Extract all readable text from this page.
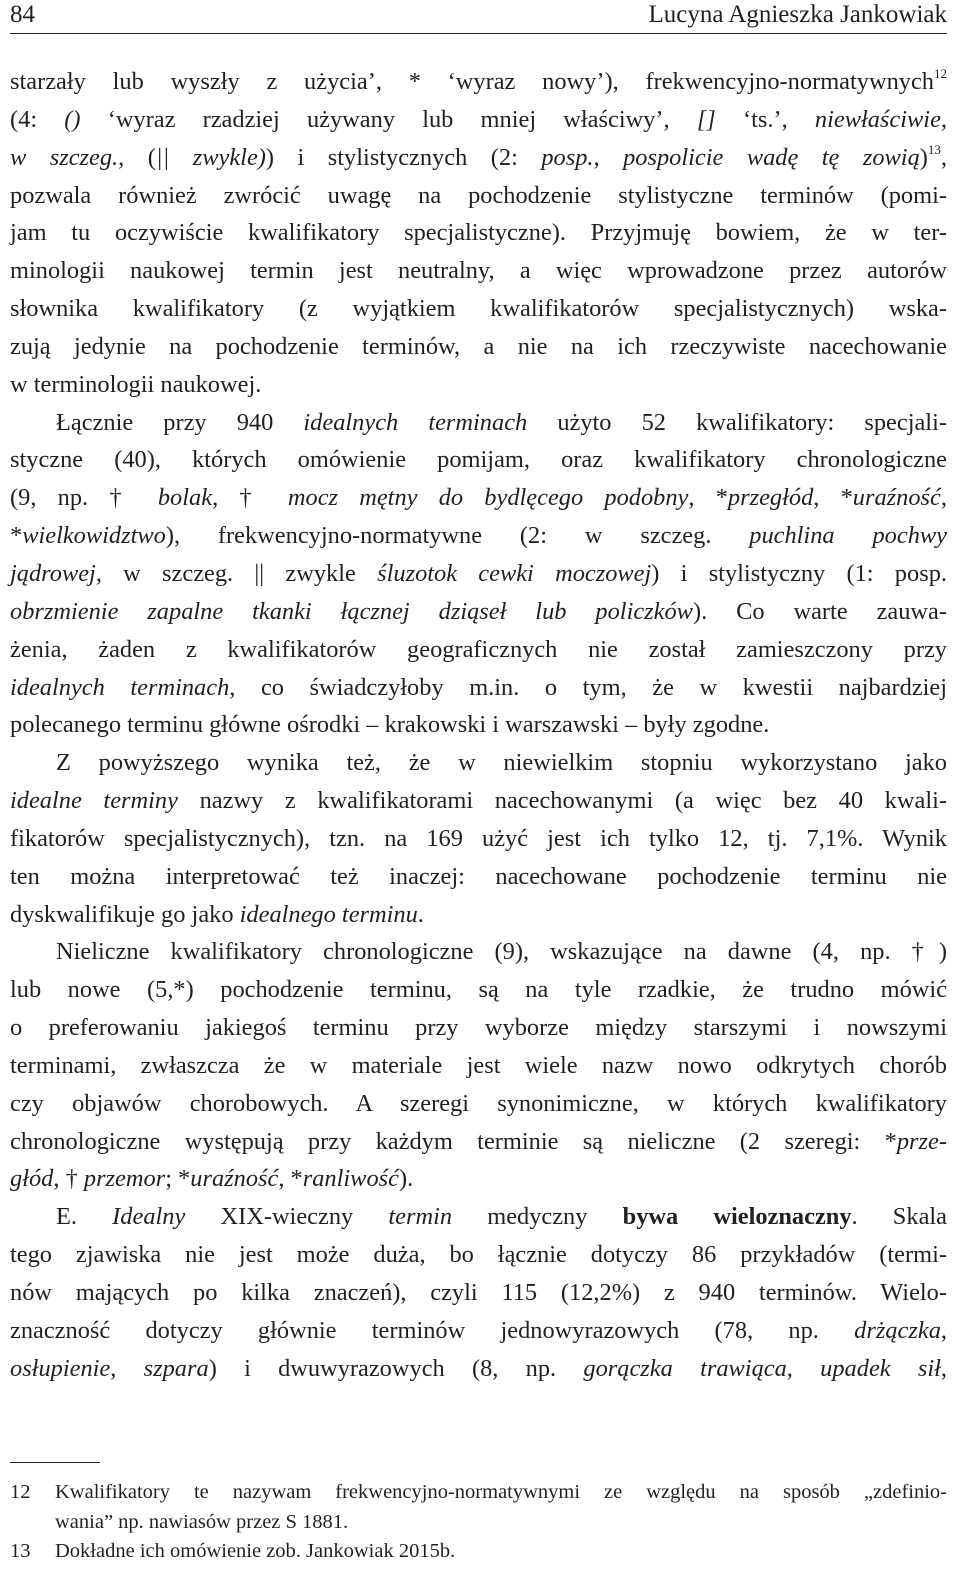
84	Lucyna Agnieszka Jankowiak
starzały lub wyszły z użycia’, * ‘wyraz nowy’), frekwencyjno-normatywnych$^{12}$
(4: () ‘wyraz rzadziej używany lub mniej właściwy’, [] ‘ts.’, niewłaściwie,
w szczeg., (|| zwykle)) i stylistycznych (2: posp., pospolicie wadę tę zowią)$^{13}$,
pozwala również zwrócić uwagę na pochodzenie stylistyczne terminów (pomi-
jam tu oczywiście kwalifikatory specjalistyczne). Przyjmuję bowiem, że w ter-
minologii naukowej termin jest neutralny, a więc wprowadzone przez autorów
słownika kwalifikatory (z wyjątkiem kwalifikatorów specjalistycznych) wska-
zują jedynie na pochodzenie terminów, a nie na ich rzeczywiste nacechowanie
w terminologii naukowej.
Łącznie przy 940 idealnych terminach użyto 52 kwalifikatory: specjali-
styczne (40), których omówienie pomijam, oraz kwalifikatory chronologiczne
(9, np. † bolak, † mocz mętny do bydlęcego podobny, *przegłód, *uraźność,
*wielkowidztwo), frekwencyjno-normatywne (2: w szczeg. puchlina pochwy
jądrowej, w szczeg. || zwykle śluzotok cewki moczowej) i stylistyczny (1: posp.
obrzmienie zapalne tkanki łącznej dziąseł lub policzków). Co warte zauwa-
żenia, żaden z kwalifikatorów geograficznych nie został zamieszczony przy
idealnych terminach, co świadczyłoby m.in. o tym, że w kwestii najbardziej
polecanego terminu główne ośrodki – krakowski i warszawski – były zgodne.
Z powyższego wynika też, że w niewielkim stopniu wykorzystano jako
idealne terminy nazwy z kwalifikatorami nacechowanymi (a więc bez 40 kwali-
fikatorów specjalistycznych), tzn. na 169 użyć jest ich tylko 12, tj. 7,1%. Wynik
ten można interpretować też inaczej: nacechowane pochodzenie terminu nie
dyskwalifikuje go jako idealnego terminu.
Nieliczne kwalifikatory chronologiczne (9), wskazujące na dawne (4, np. †)
lub nowe (5,*) pochodzenie terminu, są na tyle rzadkie, że trudno mówić
o preferowaniu jakiegoś terminu przy wyborze między starszymi i nowszymi
terminami, zwłaszcza że w materiale jest wiele nazw nowo odkrytych chorób
czy objawów chorobowych. A szeregi synonimiczne, w których kwalifikatory
chronologiczne występują przy każdym terminie są nieliczne (2 szeregi: *prze-
głód, † przemor; *uraźność, *ranliwość).
E. Idealny XIX-wieczny termin medyczny bywa wieloznaczny. Skala
tego zjawiska nie jest może duża, bo łącznie dotyczy 86 przykładów (termi-
nów mających po kilka znaczeń), czyli 115 (12,2%) z 940 terminów. Wielo-
znaczność dotyczy głównie terminów jednowyrazowych (78, np. drżączka,
osłupienie, szpara) i dwuwyrazowych (8, np. gorączka trawiąca, upadek sił,
12 Kwalifikatory te nazywam frekwencyjno-normatywnymi ze względu na sposób „zdefinio-
wania” np. nawiasów przez S 1881.
13 Dokładne ich omówienie zob. Jankowiak 2015b.
